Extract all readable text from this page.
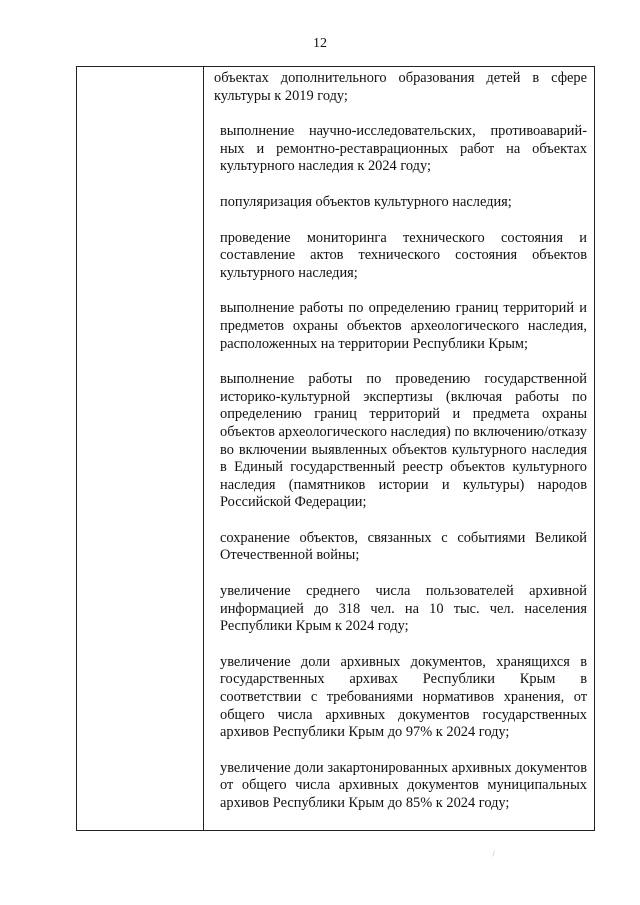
12

объектах дополнительного образования детей в сфере культуры к 2019 году;

выполнение научно-исследовательских, противоаварий-ных и ремонтно-реставрационных работ на объектах культурного наследия к 2024 году;

популяризация объектов культурного наследия;

проведение мониторинга технического состояния и составление актов технического состояния объектов культурного наследия;

выполнение работы по определению границ территорий и предметов охраны объектов археологического наследия, расположенных на территории Республики Крым;

выполнение работы по проведению государственной историко-культурной экспертизы (включая работы по определению границ территорий и предмета охраны объектов археологического наследия) по включению/отказу во включении выявленных объектов культурного наследия в Единый государственный реестр объектов культурного наследия (памятников истории и культуры) народов Российской Федерации;

сохранение объектов, связанных с событиями Великой Отечественной войны;

увеличение среднего числа пользователей архивной информацией до 318 чел. на 10 тыс. чел. населения Республики Крым к 2024 году;

увеличение доли архивных документов, хранящихся в государственных архивах Республики Крым в соответствии с требованиями нормативов хранения, от общего числа архивных документов государственных архивов Республики Крым до 97% к 2024 году;

увеличение доли закартонированных архивных документов от общего числа архивных документов муниципальных архивов Республики Крым до 85% к 2024 году;

⁄
